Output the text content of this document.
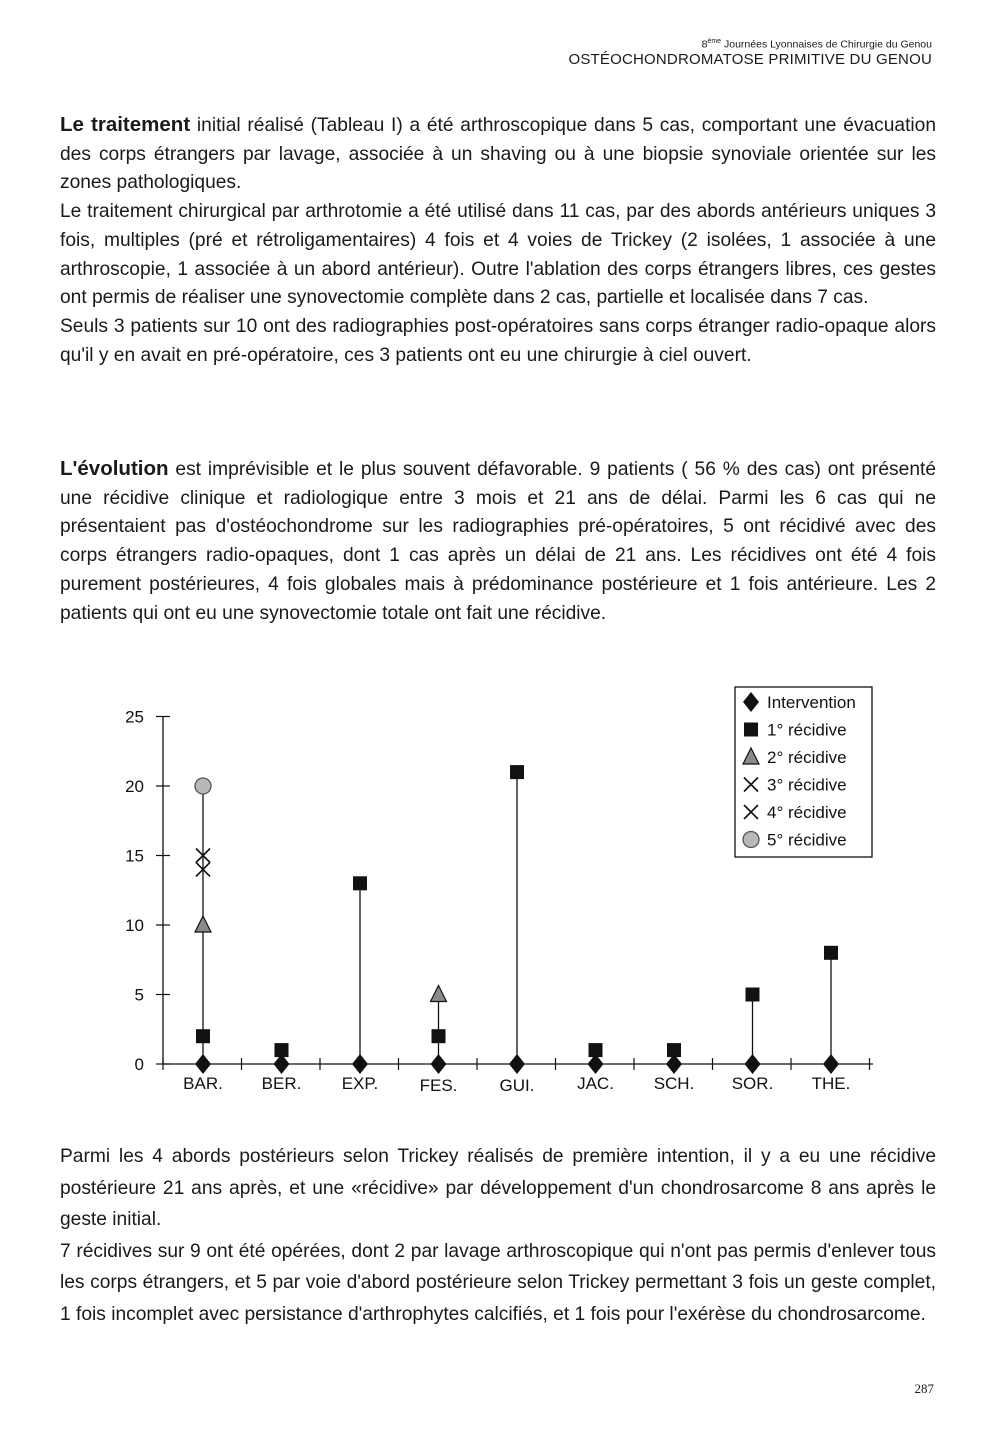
8ème Journées Lyonnaises de Chirurgie du Genou
OSTÉOCHONDROMATOSE PRIMITIVE DU GENOU

Le traitement initial réalisé (Tableau I) a été arthroscopique dans 5 cas, comportant une évacuation des corps étrangers par lavage, associée à un shaving ou à une biopsie synoviale orientée sur les zones pathologiques.

Le traitement chirurgical par arthrotomie a été utilisé dans 11 cas, par des abords antérieurs uniques 3 fois, multiples (pré et rétroligamentaires) 4 fois et 4 voies de Trickey (2 isolées, 1 associée à une arthroscopie, 1 associée à un abord antérieur). Outre l'ablation des corps étrangers libres, ces gestes ont permis de réaliser une synovectomie complète dans 2 cas, partielle et localisée dans 7 cas.

Seuls 3 patients sur 10 ont des radiographies post-opératoires sans corps étranger radio-opaque alors qu'il y en avait en pré-opératoire, ces 3 patients ont eu une chirurgie à ciel ouvert.

L'évolution est imprévisible et le plus souvent défavorable. 9 patients ( 56 % des cas) ont présenté une récidive clinique et radiologique entre 3 mois et 21 ans de délai. Parmi les 6 cas qui ne présentaient pas d'ostéochondrome sur les radiographies pré-opératoires, 5 ont récidivé avec des corps étrangers radio-opaques, dont 1 cas après un délai de 21 ans. Les récidives ont été 4 fois purement postérieures, 4 fois globales mais à prédominance postérieure et 1 fois antérieure. Les 2 patients qui ont eu une synovectomie totale ont fait une récidive.

0
5
10
15
20
25
BAR. BER. EXP. FES. GUI.	JAC. SCH. SOR. THE.
Intervention
1° récidive
2° récidive
3° récidive
4° récidive
5° récidive

Parmi les 4 abords postérieurs selon Trickey réalisés de première intention, il y a eu une récidive postérieure 21 ans après, et une «récidive» par développement d'un chondrosarcome 8 ans après le geste initial.

7 récidives sur 9 ont été opérées, dont 2 par lavage arthroscopique qui n'ont pas permis d'enlever tous les corps étrangers, et 5 par voie d'abord postérieure selon Trickey permettant 3 fois un geste complet, 1 fois incomplet avec persistance d'arthrophytes calcifiés, et 1 fois pour l'exérèse du chondrosarcome.

287
